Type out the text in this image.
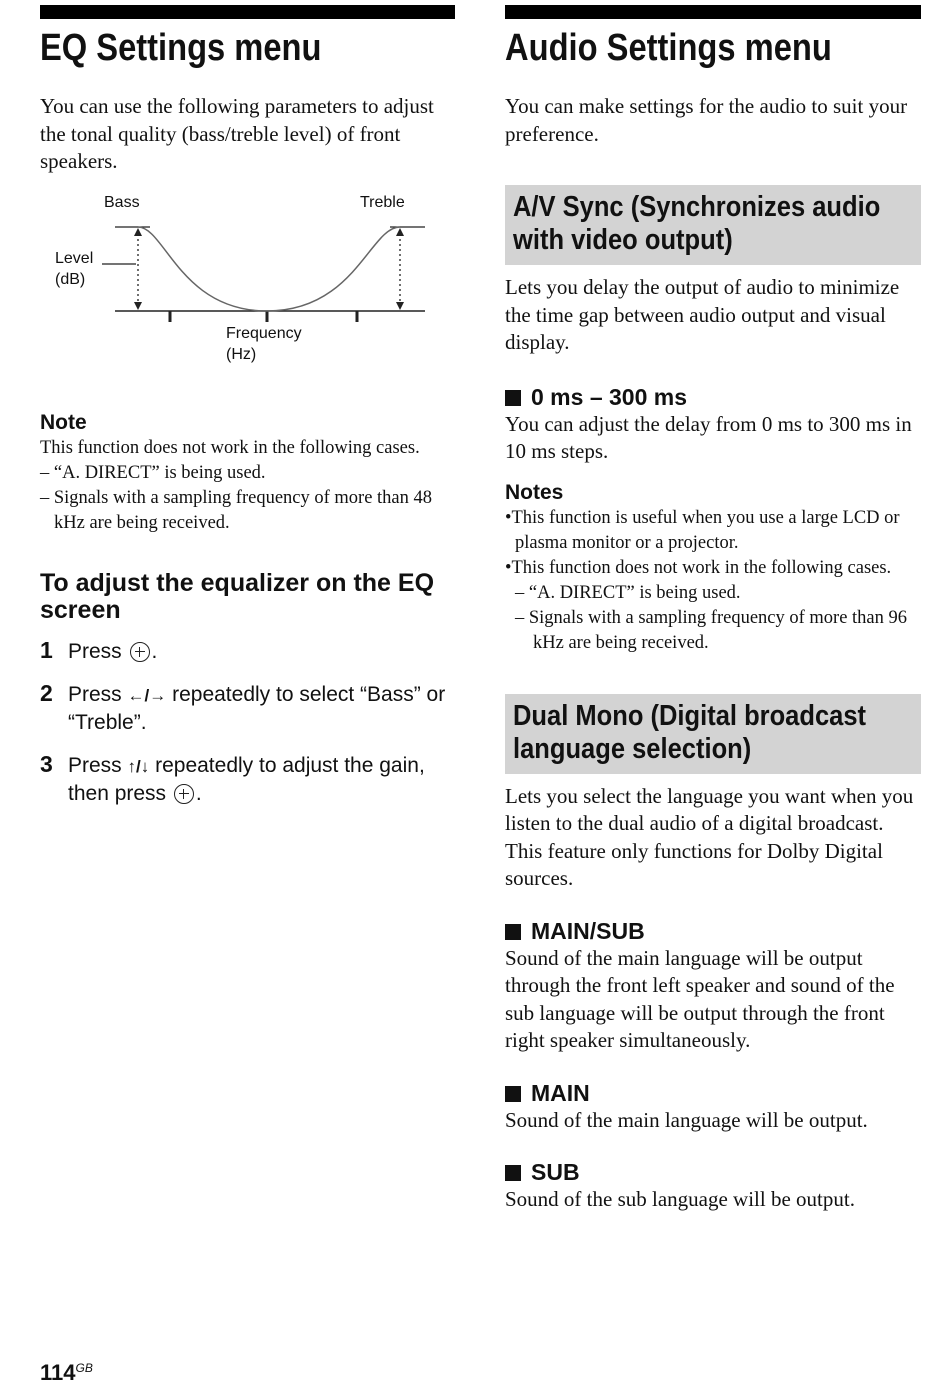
EQ Settings menu

You can use the following parameters to adjust the tonal quality (bass/treble level) of front speakers.

Bass	Treble
Level
(dB)
Frequency
(Hz)

Note

This function does not work in the following cases.

– “A. DIRECT” is being used.

– Signals with a sampling frequency of more than 48 kHz are being received.

To adjust the equalizer on the EQ screen
1 Press .
2 Press ←/→ repeatedly to select “Bass” or “Treble”.
3 Press ↑/↓ repeatedly to adjust the gain, then press .
Audio Settings menu

You can make settings for the audio to suit your preference.

A/V Sync (Synchronizes audio
with video output)

Lets you delay the output of audio to minimize the time gap between audio output and visual display.

0 ms – 300 ms

You can adjust the delay from 0 ms to 300 ms in 10 ms steps.

Notes

•This function is useful when you use a large LCD or plasma monitor or a projector.

•This function does not work in the following cases.

– “A. DIRECT” is being used.

– Signals with a sampling frequency of more than 96 kHz are being received.

Dual Mono (Digital broadcast
language selection)

Lets you select the language you want when you listen to the dual audio of a digital broadcast. This feature only functions for Dolby Digital sources.

MAIN/SUB

Sound of the main language will be output through the front left speaker and sound of the sub language will be output through the front right speaker simultaneously.

MAIN

Sound of the main language will be output.

SUB

Sound of the sub language will be output.

$114^{GB}$
